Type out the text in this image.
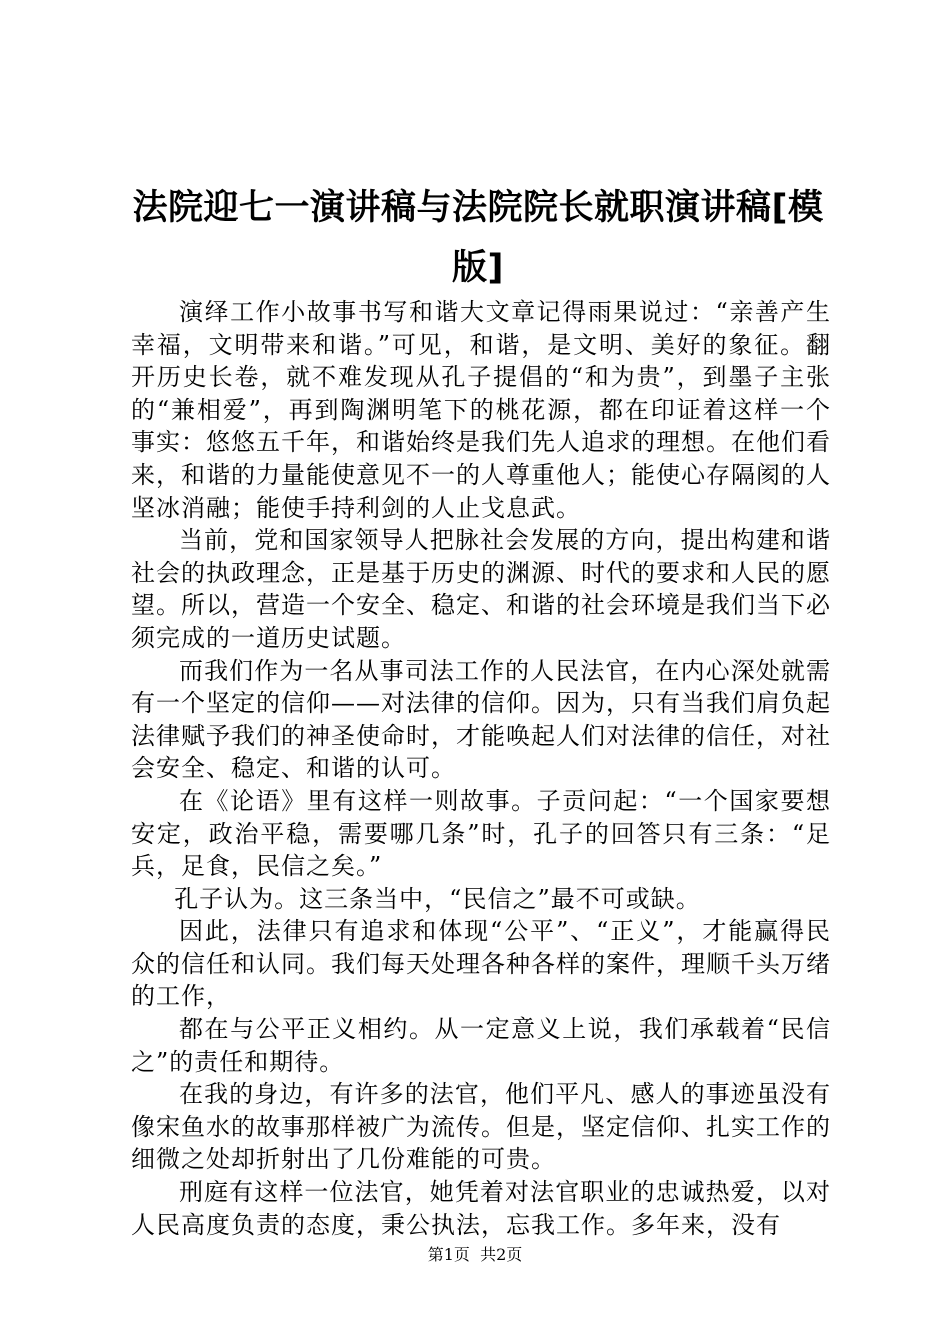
法院迎七一演讲稿与法院院长就职演讲稿[模版]

演绎工作小故事书写和谐大文章记得雨果说过：“亲善产生幸福，文明带来和谐。”可见，和谐，是文明、美好的象征。翻开历史长卷，就不难发现从孔子提倡的“和为贵”，到墨子主张的“兼相爱”，再到陶渊明笔下的桃花源，都在印证着这样一个事实：悠悠五千年，和谐始终是我们先人追求的理想。在他们看来，和谐的力量能使意见不一的人尊重他人；能使心存隔阂的人坚冰消融；能使手持利剑的人止戈息武。

当前，党和国家领导人把脉社会发展的方向，提出构建和谐社会的执政理念，正是基于历史的渊源、时代的要求和人民的愿望。所以，营造一个安全、稳定、和谐的社会环境是我们当下必须完成的一道历史试题。

而我们作为一名从事司法工作的人民法官，在内心深处就需有一个坚定的信仰——对法律的信仰。因为，只有当我们肩负起法律赋予我们的神圣使命时，才能唤起人们对法律的信任，对社会安全、稳定、和谐的认可。

在《论语》里有这样一则故事。子贡问起：“一个国家要想安定，政治平稳，需要哪几条”时，孔子的回答只有三条：“足兵，足食，民信之矣。”

孔子认为。这三条当中，“民信之”最不可或缺。

因此，法律只有追求和体现“公平”、“正义”，才能赢得民众的信任和认同。我们每天处理各种各样的案件，理顺千头万绪的工作，

都在与公平正义相约。从一定意义上说，我们承载着“民信之”的责任和期待。

在我的身边，有许多的法官，他们平凡、感人的事迹虽没有像宋鱼水的故事那样被广为流传。但是，坚定信仰、扎实工作的细微之处却折射出了几份难能的可贵。

刑庭有这样一位法官，她凭着对法官职业的忠诚热爱，以对人民高度负责的态度，秉公执法，忘我工作。多年来，没有

第1页  共2页
